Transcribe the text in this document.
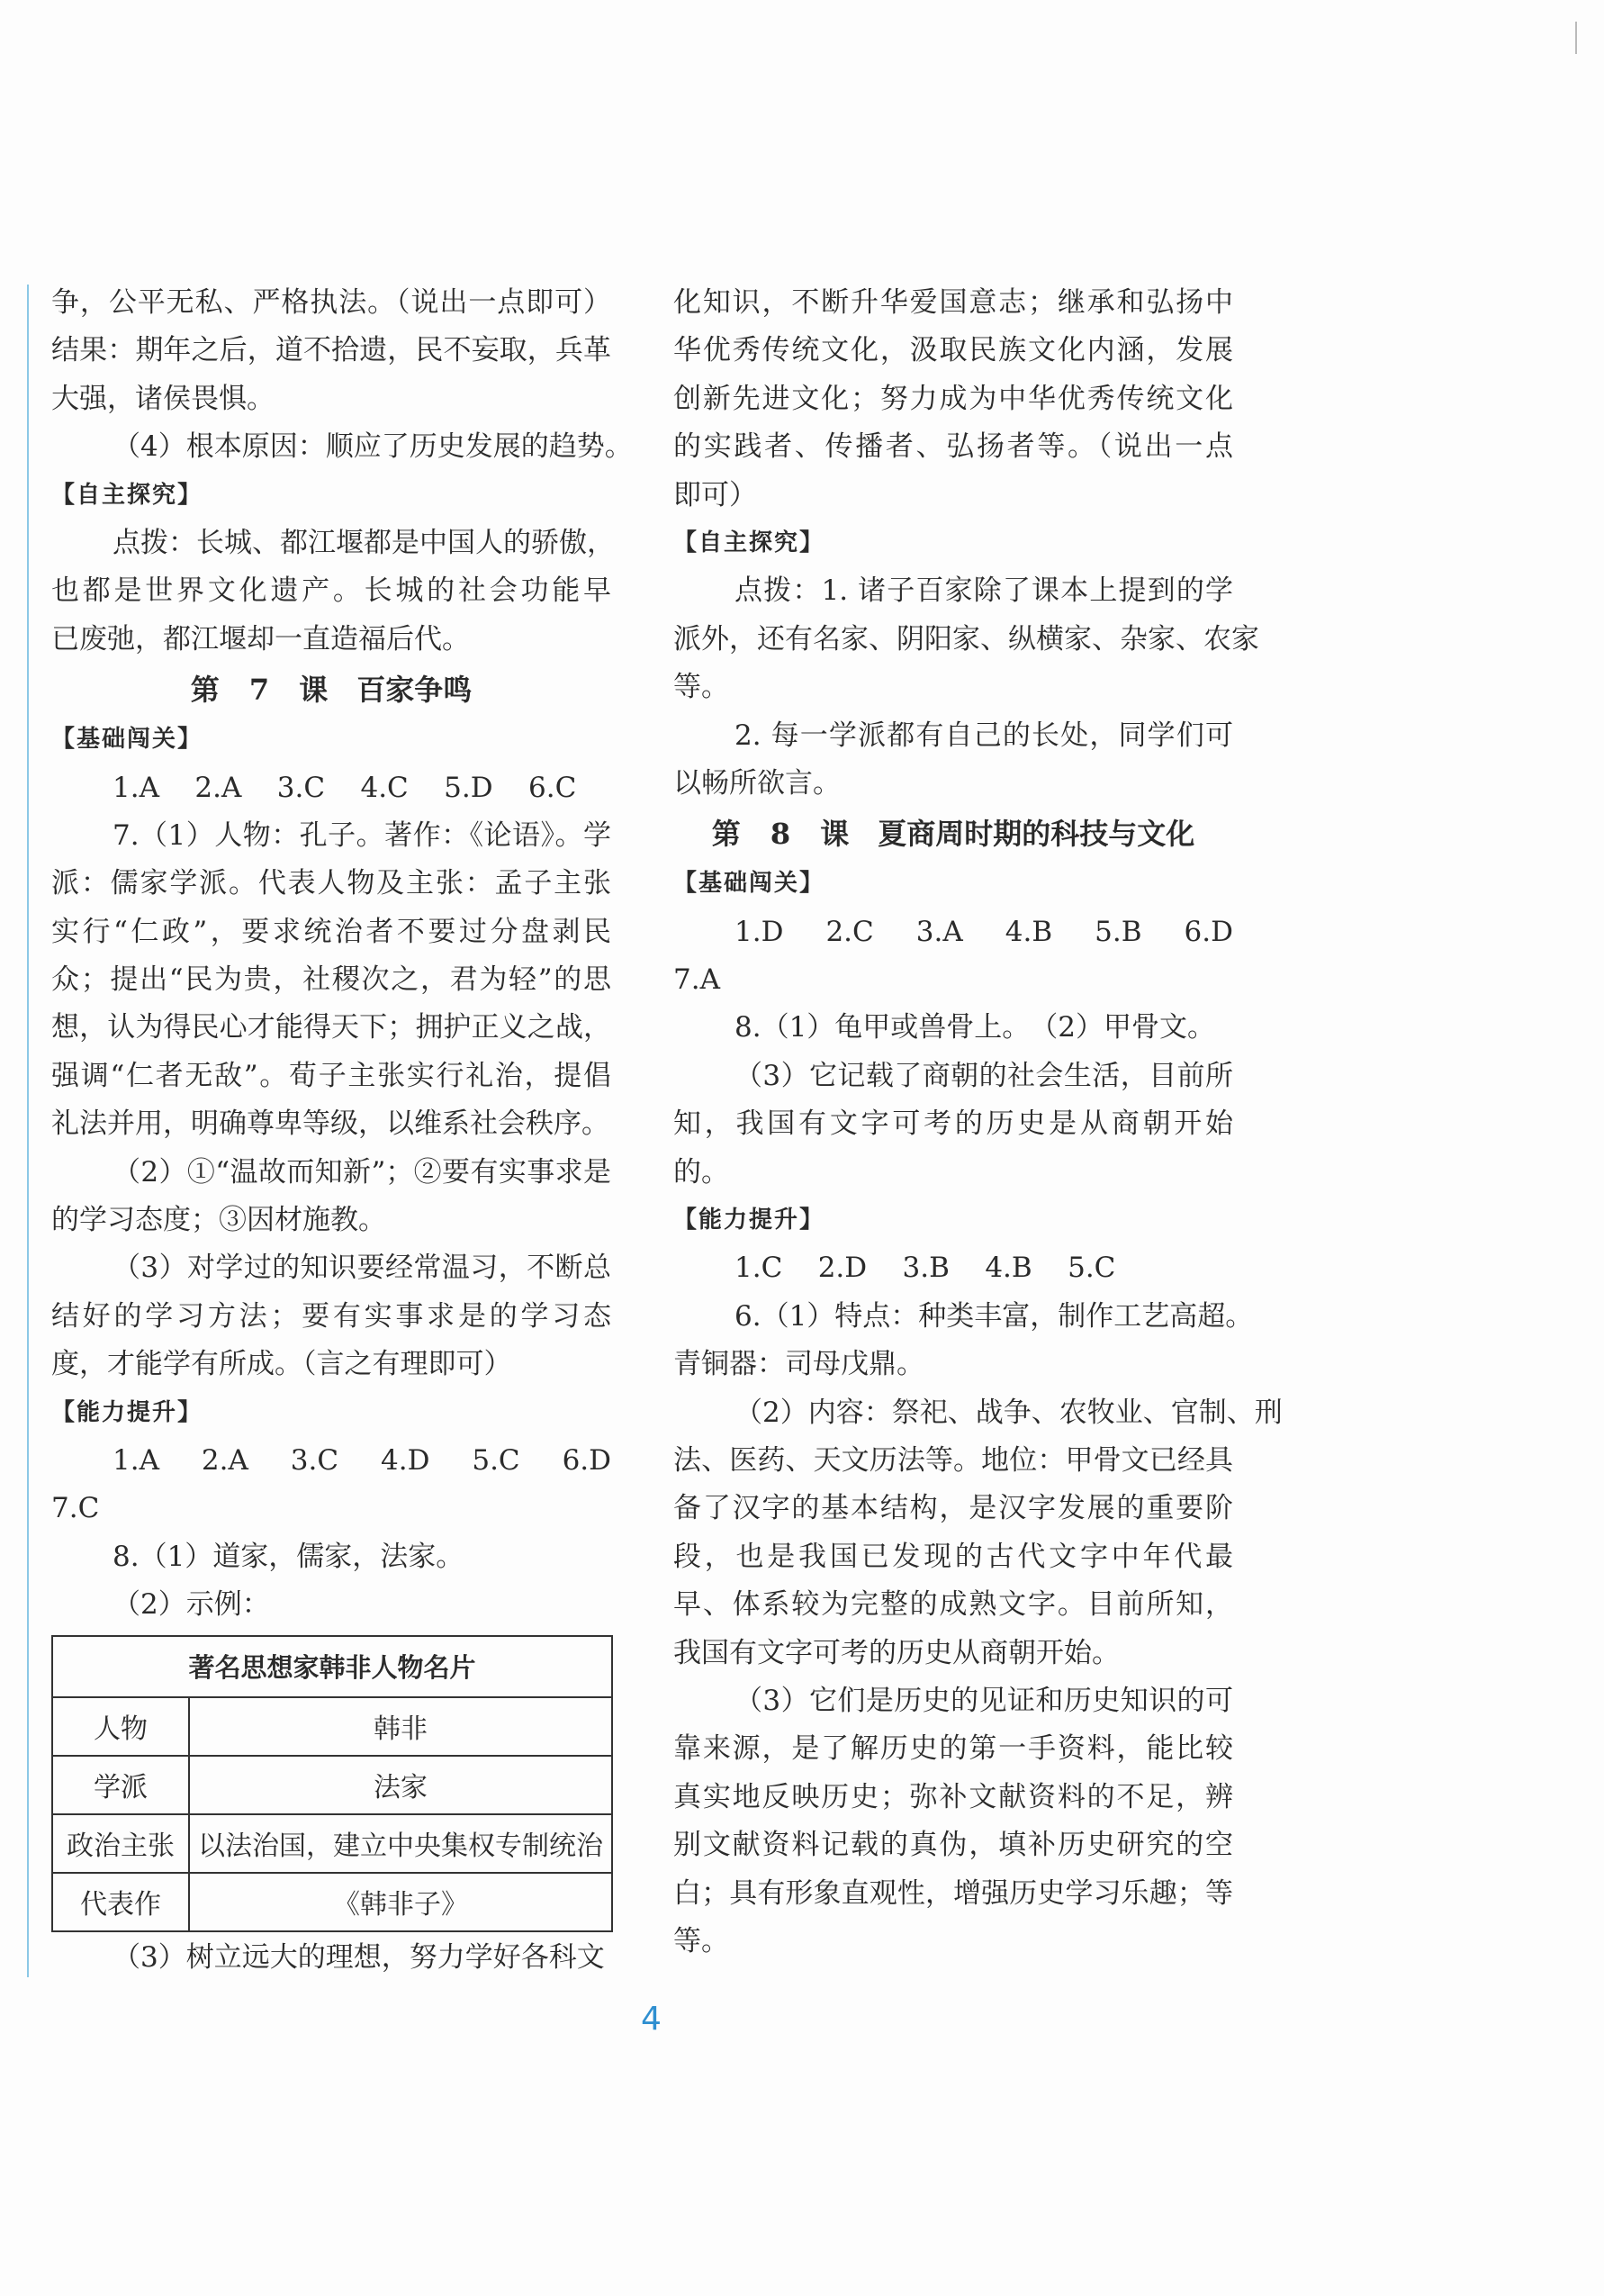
争，公平无私、严格执法。（说出一点即可）
结果：期年之后，道不拾遗，民不妄取，兵革
大强，诸侯畏惧。
（4）根本原因：顺应了历史发展的趋势。
【自主探究】
点拨：长城、都江堰都是中国人的骄傲，
也都是世界文化遗产。长城的社会功能早
已废弛，都江堰却一直造福后代。
第 7 课　百家争鸣
【基础闯关】
1.A    2.A    3.C    4.C    5.D    6.C
7.（1）人物：孔子。著作：《论语》。学
派：儒家学派。代表人物及主张：孟子主张
实行“仁政”，要求统治者不要过分盘剥民
众；提出“民为贵，社稷次之，君为轻”的思
想，认为得民心才能得天下；拥护正义之战，
强调“仁者无敌”。荀子主张实行礼治，提倡
礼法并用，明确尊卑等级，以维系社会秩序。
（2）①“温故而知新”；②要有实事求是
的学习态度；③因材施教。
（3）对学过的知识要经常温习，不断总
结好的学习方法；要有实事求是的学习态
度，才能学有所成。（言之有理即可）
【能力提升】
1.A 2.A 3.C 4.D 5.C 6.D
7.C
8.（1）道家，儒家，法家。
（2）示例：
著名思想家韩非人物名片	
人物	韩非
学派	法家
政治主张	以法治国，建立中央集权专制统治
代表作	《韩非子》
（3）树立远大的理想，努力学好各科文
化知识，不断升华爱国意志；继承和弘扬中
华优秀传统文化，汲取民族文化内涵，发展
创新先进文化；努力成为中华优秀传统文化
的实践者、传播者、弘扬者等。（说出一点
即可）
【自主探究】
点拨：1. 诸子百家除了课本上提到的学
派外，还有名家、阴阳家、纵横家、杂家、农家
等。
2. 每一学派都有自己的长处，同学们可
以畅所欲言。
第 8 课　夏商周时期的科技与文化
【基础闯关】
1.D 2.C 3.A 4.B 5.B 6.D
7.A
8.（1）龟甲或兽骨上。　（2）甲骨文。
（3）它记载了商朝的社会生活，目前所
知，我国有文字可考的历史是从商朝开始
的。
【能力提升】
1.C    2.D    3.B    4.B    5.C
6.（1）特点：种类丰富，制作工艺高超。
青铜器：司母戊鼎。
（2）内容：祭祀、战争、农牧业、官制、刑
法、医药、天文历法等。地位：甲骨文已经具
备了汉字的基本结构，是汉字发展的重要阶
段，也是我国已发现的古代文字中年代最
早、体系较为完整的成熟文字。目前所知，
我国有文字可考的历史从商朝开始。
（3）它们是历史的见证和历史知识的可
靠来源，是了解历史的第一手资料，能比较
真实地反映历史；弥补文献资料的不足，辨
别文献资料记载的真伪，填补历史研究的空
白；具有形象直观性，增强历史学习乐趣；等
等。
4
